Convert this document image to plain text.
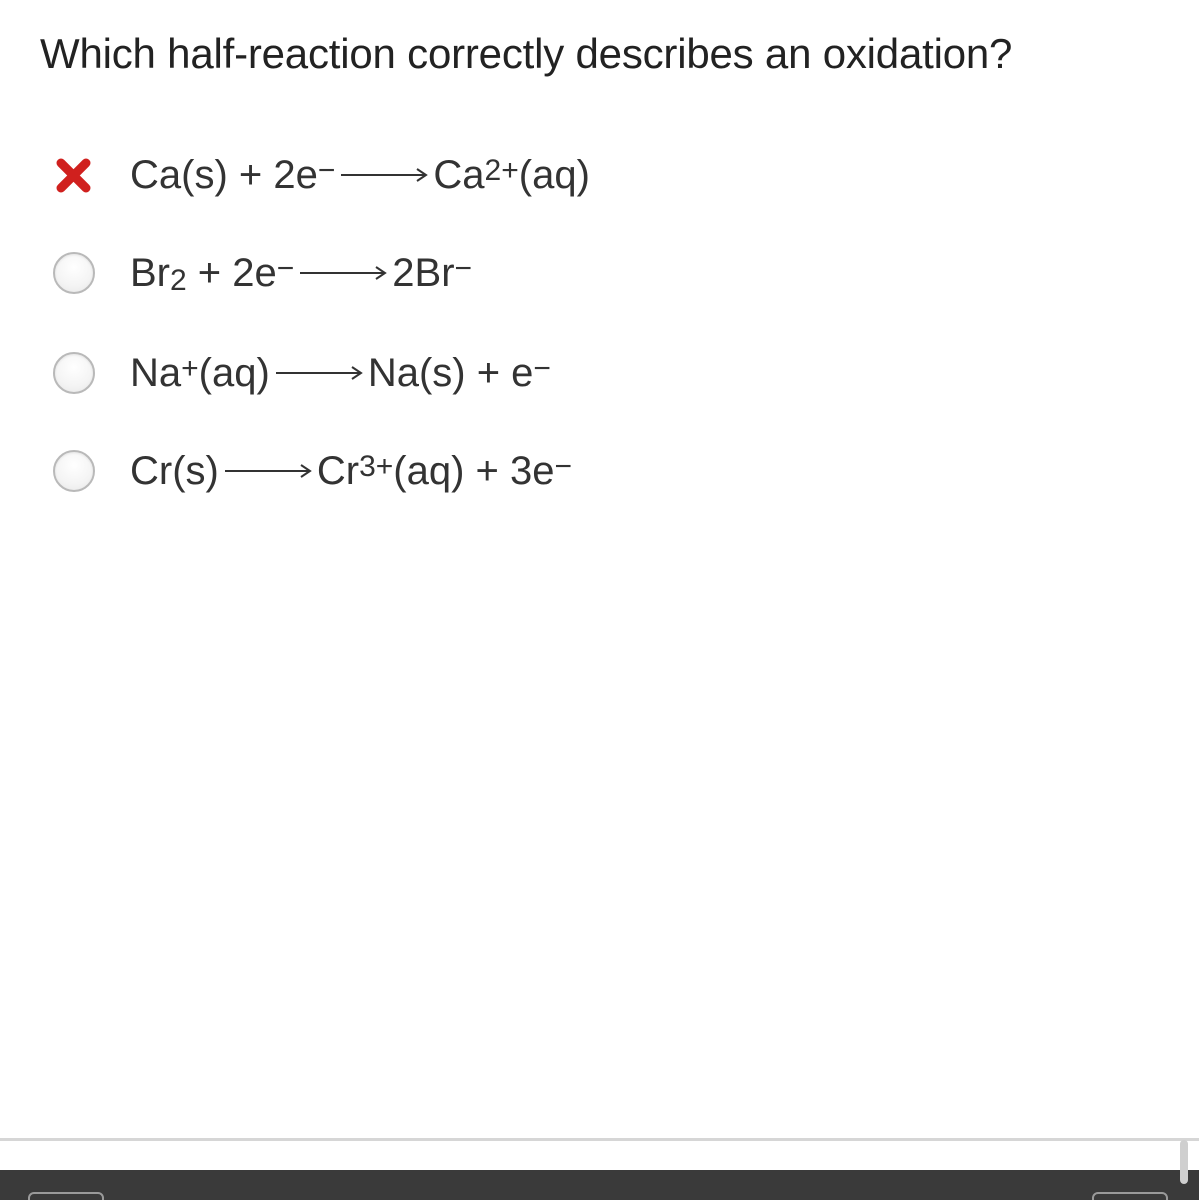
Which half-reaction correctly describes an oxidation?
$Ca(s) + 2e^- \to Ca^{2+}$ (aq)
$Br_2 + 2e^- \to 2Br^-$
Na+ (aq) → Na(s) + e−
$Cr(s) \to Cr^{3+}$ (aq) + 3e−
